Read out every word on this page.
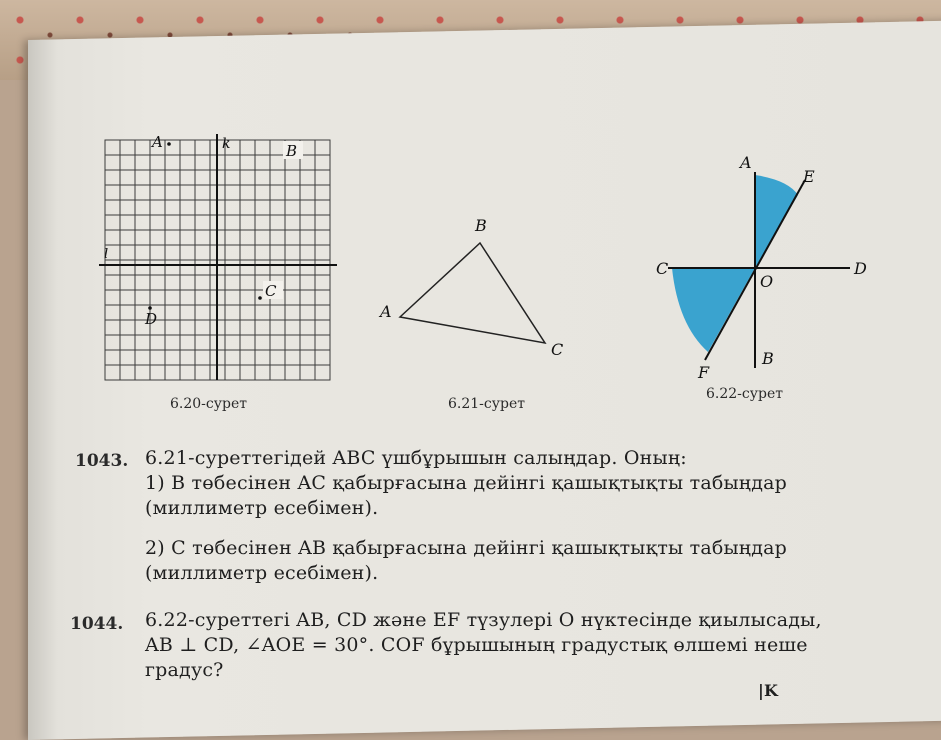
A	k	B
C
D
l
6.20-сурет
A
B
C
6.21-сурет
A
E
C
O
D
F
B
6.22-сурет
1043. 6.21-суреттегідей ABC үшбұрышын салыңдар. Оның:
1) B төбесінен AC қабырғасына дейінгі қашықтықты табыңдар
(миллиметр есебімен).
2) C төбесінен AB қабырғасына дейінгі қашықтықты табыңдар
(миллиметр есебімен).
1044. 6.22-суреттегі AB, CD және EF түзулері O нүктесінде қиылысады,
AB ⊥ CD, ∠AOE = 30°. COF бұрышының градустық өлшемі неше
градус?
|K
